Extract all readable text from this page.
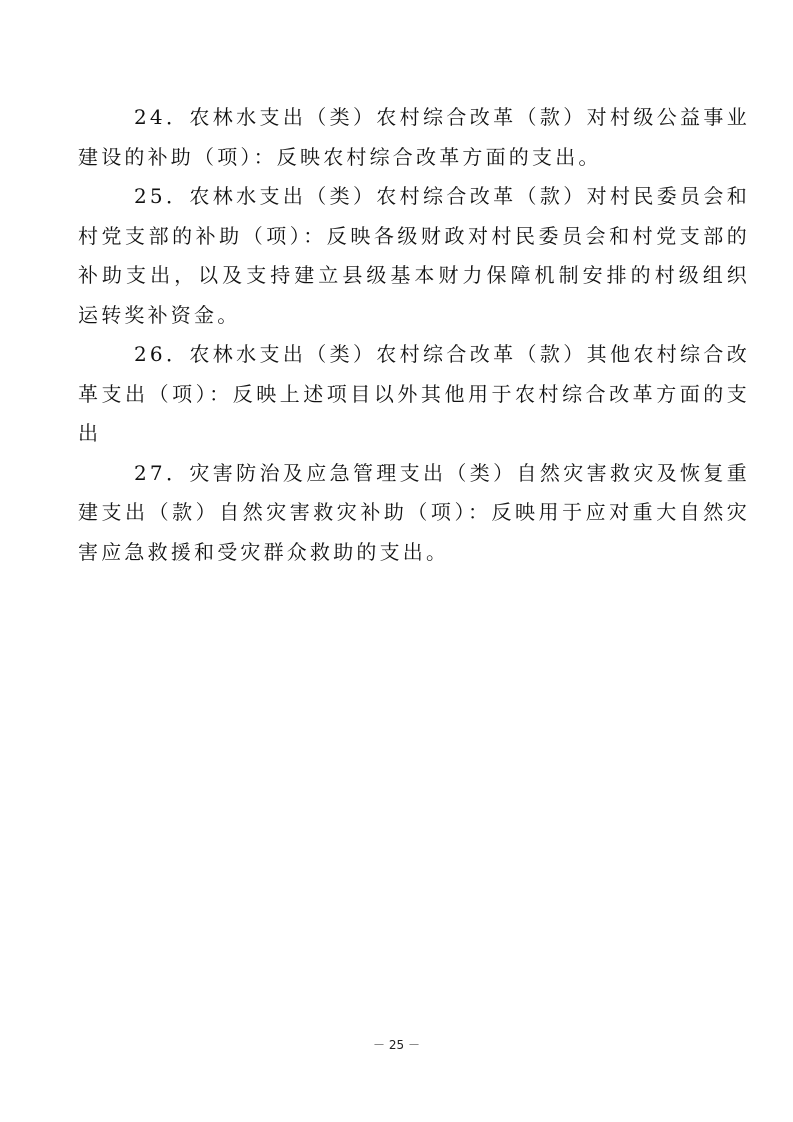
24．农林水支出（类）农村综合改革（款）对村级公益事业建设的补助（项）：反映农村综合改革方面的支出。

25．农林水支出（类）农村综合改革（款）对村民委员会和村党支部的补助（项）：反映各级财政对村民委员会和村党支部的补助支出，以及支持建立县级基本财力保障机制安排的村级组织运转奖补资金。

26．农林水支出（类）农村综合改革（款）其他农村综合改革支出（项）：反映上述项目以外其他用于农村综合改革方面的支出

27．灾害防治及应急管理支出（类）自然灾害救灾及恢复重建支出（款）自然灾害救灾补助（项）：反映用于应对重大自然灾害应急救援和受灾群众救助的支出。

－ 25 －
